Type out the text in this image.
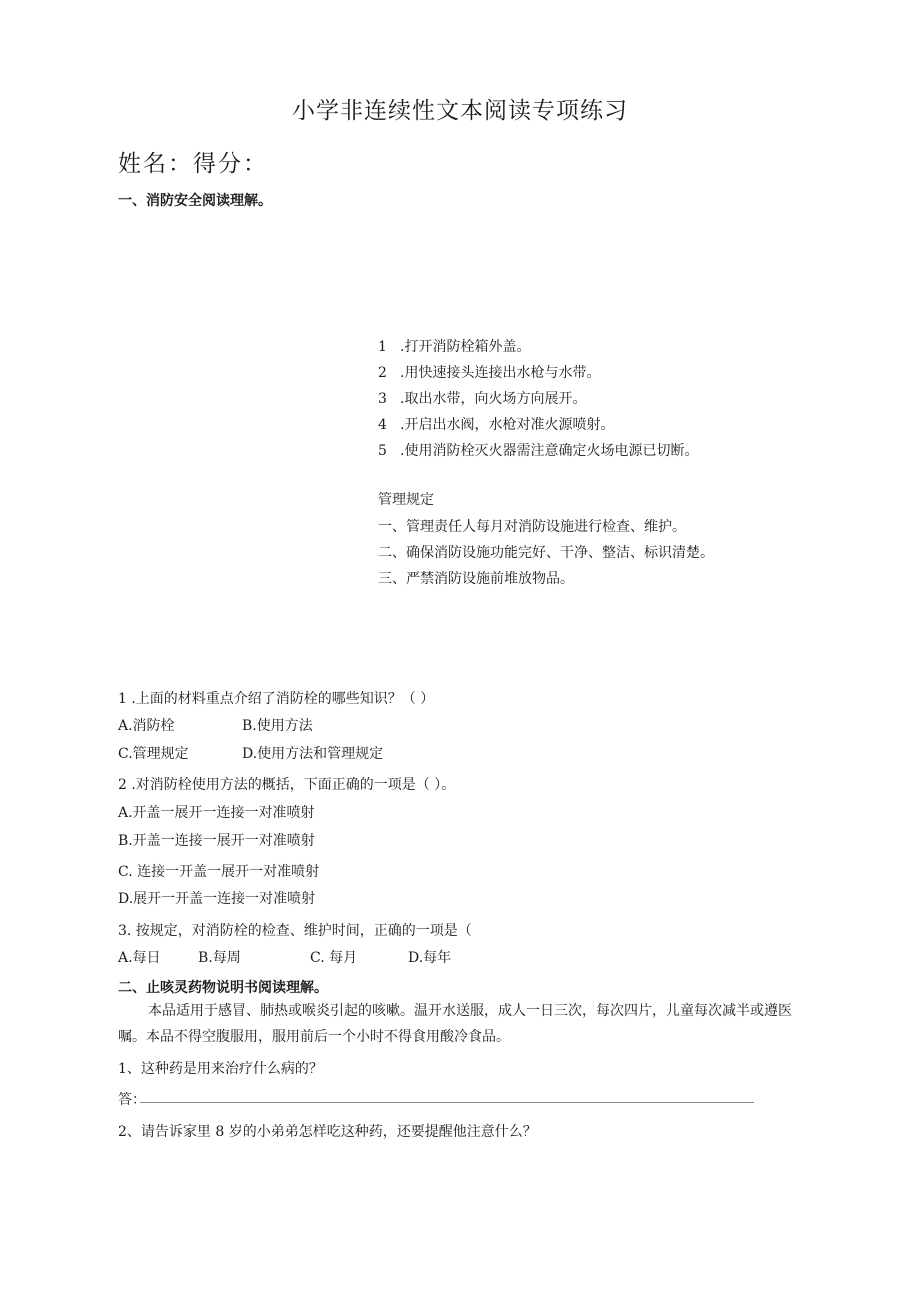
小学非连续性文本阅读专项练习
姓名：得分：
一、消防安全阅读理解。
1 .打开消防栓箱外盖。
2 .用快速接头连接出水枪与水带。
3 .取出水带，向火场方向展开。
4 .开启出水阀，水枪对准火源喷射。
5 .使用消防栓灭火器需注意确定火场电源已切断。
管理规定
一、管理责任人每月对消防设施进行检查、维护。
二、确保消防设施功能完好、干净、整洁、标识清楚。
三、严禁消防设施前堆放物品。
1 .上面的材料重点介绍了消防栓的哪些知识？（ ）
A.消防栓	B.使用方法
C.管理规定	D.使用方法和管理规定
2 .对消防栓使用方法的概括，下面正确的一项是（ ）。
A.开盖一展开一连接一对准喷射
B.开盖一连接一展开一对准喷射
C. 连接一开盖一展开一对准喷射
D.展开一开盖一连接一对准喷射
3. 按规定，对消防栓的检查、维护时间，正确的一项是（
A.每日	B.每周	C. 每月	D.每年
二、止咳灵药物说明书阅读理解。
本品适用于感冒、肺热或喉炎引起的咳嗽。温开水送服，成人一日三次，每次四片，儿童每次减半或遵医嘱。本品不得空腹服用，服用前后一个小时不得食用酸冷食品。
1、这种药是用来治疗什么病的？
答：
2、请告诉家里 8 岁的小弟弟怎样吃这种药，还要提醒他注意什么？
